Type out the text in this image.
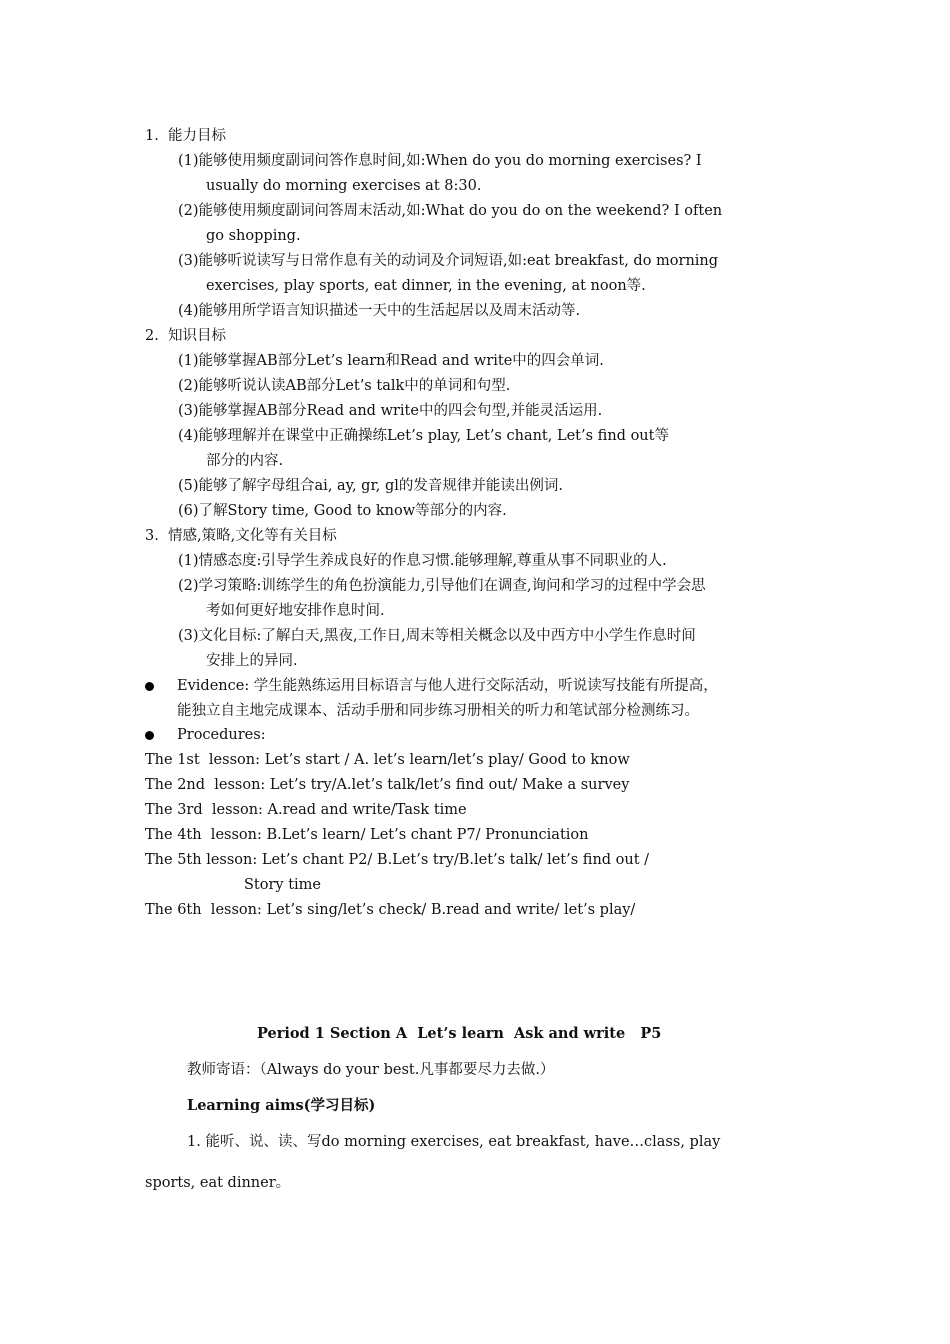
1.  能力目标
(1)能够使用频度副词问答作息时间,如:When do you do morning exercises? I
usually do morning exercises at 8:30.
(2)能够使用频度副词问答周末活动,如:What do you do on the weekend? I often
go shopping.
(3)能够听说读写与日常作息有关的动词及介词短语,如:eat breakfast, do morning
exercises, play sports, eat dinner, in the evening, at noon等.
(4)能够用所学语言知识描述一天中的生活起居以及周末活动等.
2.  知识目标
(1)能够掌握AB部分Let’s learn和Read and write中的四会单词.
(2)能够听说认读AB部分Let’s talk中的单词和句型.
(3)能够掌握AB部分Read and write中的四会句型,并能灵活运用.
(4)能够理解并在课堂中正确操练Let’s play, Let’s chant, Let’s find out等
部分的内容.
(5)能够了解字母组合ai, ay, gr, gl的发音规律并能读出例词.
(6)了解Story time, Good to know等部分的内容.
3.  情感,策略,文化等有关目标
(1)情感态度:引导学生养成良好的作息习惯.能够理解,尊重从事不同职业的人.
(2)学习策略:训练学生的角色扮演能力,引导他们在调查,询问和学习的过程中学会思
考如何更好地安排作息时间.
(3)文化目标:了解白天,黑夜,工作日,周末等相关概念以及中西方中小学生作息时间
安排上的异同.
Evidence: 学生能熟练运用目标语言与他人进行交际活动，听说读写技能有所提高，
能独立自主地完成课本、活动手册和同步练习册相关的听力和笔试部分检测练习。
Procedures:
The 1st  lesson: Let’s start / A. let’s learn/let’s play/ Good to know
The 2nd  lesson: Let’s try/A.let’s talk/let’s find out/ Make a survey
The 3rd  lesson: A.read and write/Task time
The 4th  lesson: B.Let’s learn/ Let’s chant P7/ Pronunciation
The 5th lesson: Let’s chant P2/ B.Let’s try/B.let’s talk/ let’s find out /
Story time
The 6th  lesson: Let’s sing/let’s check/ B.read and write/ let’s play/
Period 1 Section A  Let’s learn  Ask and write   P5
教师寄语：（Always do your best.凡事都要尽力去做.）
Learning aims(学习目标)
1. 能听、说、读、写do morning exercises, eat breakfast, have…class, play
sports, eat dinner。
